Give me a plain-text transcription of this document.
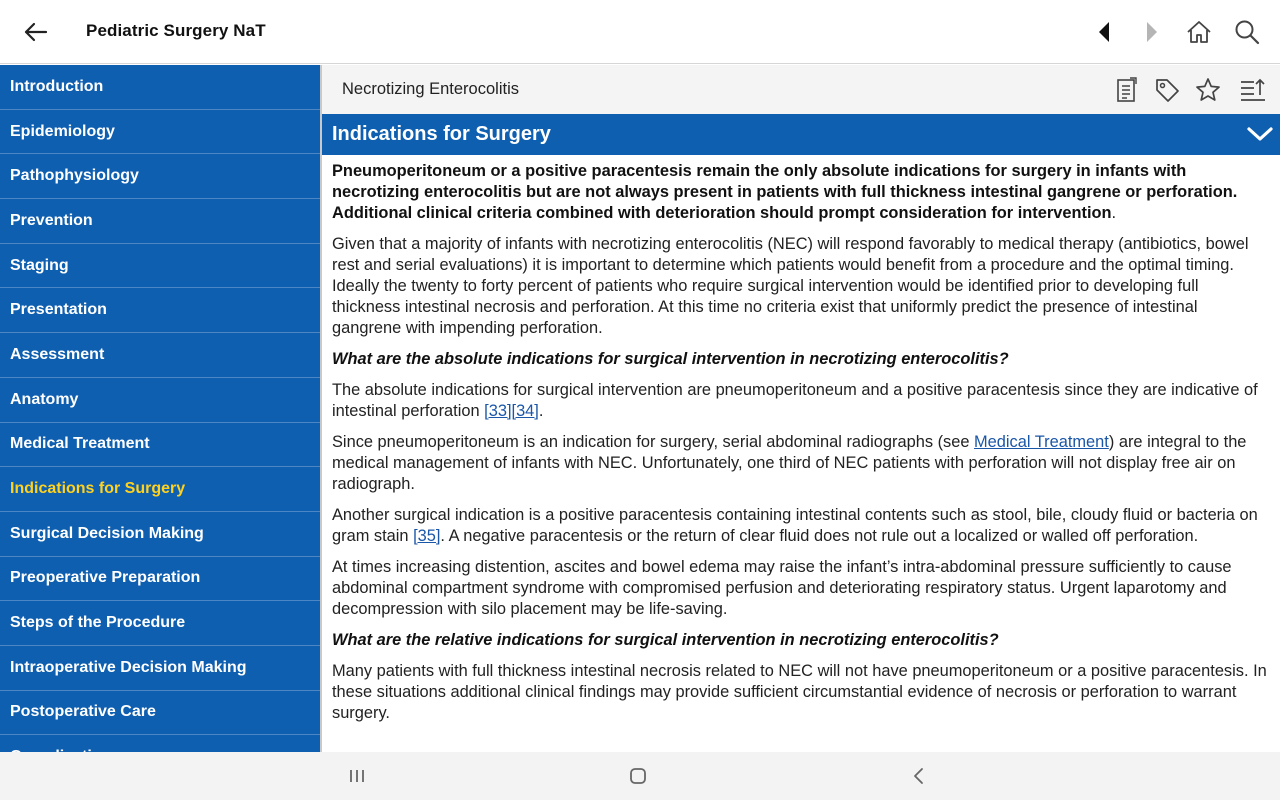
Pediatric Surgery NaT
Introduction
Epidemiology
Pathophysiology
Prevention
Staging
Presentation
Assessment
Anatomy
Medical Treatment
Indications for Surgery
Surgical Decision Making
Preoperative Preparation
Steps of the Procedure
Intraoperative Decision Making
Postoperative Care
Necrotizing Enterocolitis
Indications for Surgery

Pneumoperitoneum or a positive paracentesis remain the only absolute indications for surgery in infants with necrotizing enterocolitis but are not always present in patients with full thickness intestinal gangrene or perforation. Additional clinical criteria combined with deterioration should prompt consideration for intervention.

Given that a majority of infants with necrotizing enterocolitis (NEC) will respond favorably to medical therapy (antibiotics, bowel rest and serial evaluations) it is important to determine which patients would benefit from a procedure and the optimal timing. Ideally the twenty to forty percent of patients who require surgical intervention would be identified prior to developing full thickness intestinal necrosis and perforation. At this time no criteria exist that uniformly predict the presence of intestinal gangrene with impending perforation.

What are the absolute indications for surgical intervention in necrotizing enterocolitis?

The absolute indications for surgical intervention are pneumoperitoneum and a positive paracentesis since they are indicative of intestinal perforation [33][34].

Since pneumoperitoneum is an indication for surgery, serial abdominal radiographs (see Medical Treatment) are integral to the medical management of infants with NEC. Unfortunately, one third of NEC patients with perforation will not display free air on radiograph.

Another surgical indication is a positive paracentesis containing intestinal contents such as stool, bile, cloudy fluid or bacteria on gram stain [35]. A negative paracentesis or the return of clear fluid does not rule out a localized or walled off perforation.

At times increasing distention, ascites and bowel edema may raise the infant’s intra-abdominal pressure sufficiently to cause abdominal compartment syndrome with compromised perfusion and deteriorating respiratory status. Urgent laparotomy and decompression with silo placement may be life-saving.

What are the relative indications for surgical intervention in necrotizing enterocolitis?

Many patients with full thickness intestinal necrosis related to NEC will not have pneumoperitoneum or a positive paracentesis. In these situations additional clinical findings may provide sufficient circumstantial evidence of necrosis or perforation to warrant surgery.
